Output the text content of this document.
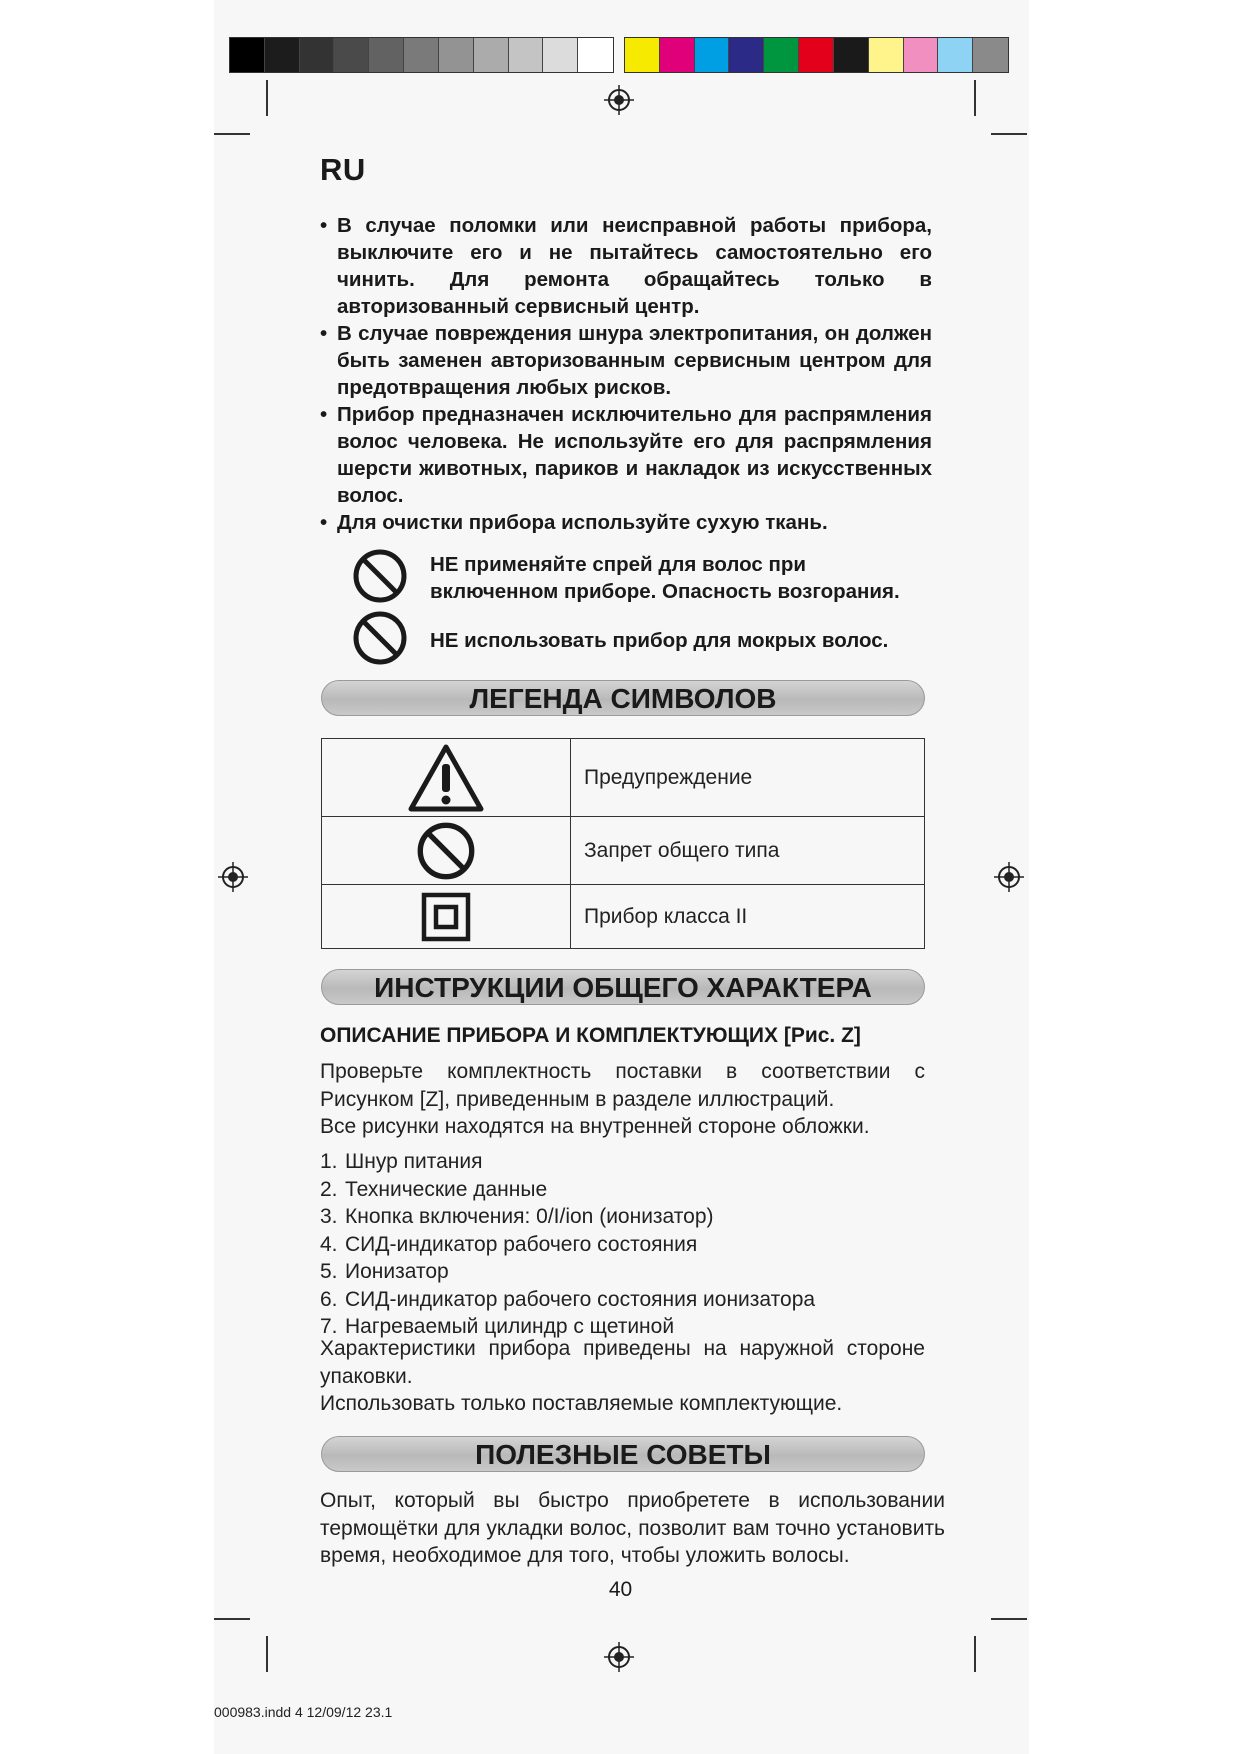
RU
• В случае поломки или неисправной работы прибора, выключите его и не пытайтесь самостоятельно его чинить. Для ремонта обращайтесь только в авторизованный сервисный центр.
• В случае повреждения шнура электропитания, он должен быть заменен авторизованным сервисным центром для предотвращения любых рисков.
• Прибор предназначен исключительно для распрямления волос человека. Не используйте его для распрямления шерсти животных, париков и накладок из искусственных волос.
• Для очистки прибора используйте сухую ткань.
НЕ применяйте спрей для волос при включенном приборе. Опасность возгорания.
НЕ использовать прибор для мокрых волос.
ЛЕГЕНДА СИМВОЛОВ
	Предупреждение

	Запрет общего типа

	Прибор класса II
ИНСТРУКЦИИ ОБЩЕГО ХАРАКТЕРА
ОПИСАНИЕ ПРИБОРА И КОМПЛЕКТУЮЩИХ [Рис. Z]
Проверьте комплектность поставки в соответствии с Рисунком [Z], приведенным в разделе иллюстраций.
Все рисунки находятся на внутренней стороне обложки.
1. Шнур питания
2. Технические данные
3. Кнопка включения: 0/I/ion (ионизатор)
4. СИД-индикатор рабочего состояния
5. Ионизатор
6. СИД-индикатор рабочего состояния ионизатора
7. Нагреваемый цилиндр с щетиной
Характеристики прибора приведены на наружной стороне упаковки.
Использовать только поставляемые комплектующие.
ПОЛЕЗНЫЕ СОВЕТЫ
Опыт, который вы быстро приобретете в использовании термощётки для укладки волос, позволит вам точно установить время, необходимое для того, чтобы уложить волосы.
40
000983.indd 4 12/09/12 23.1
